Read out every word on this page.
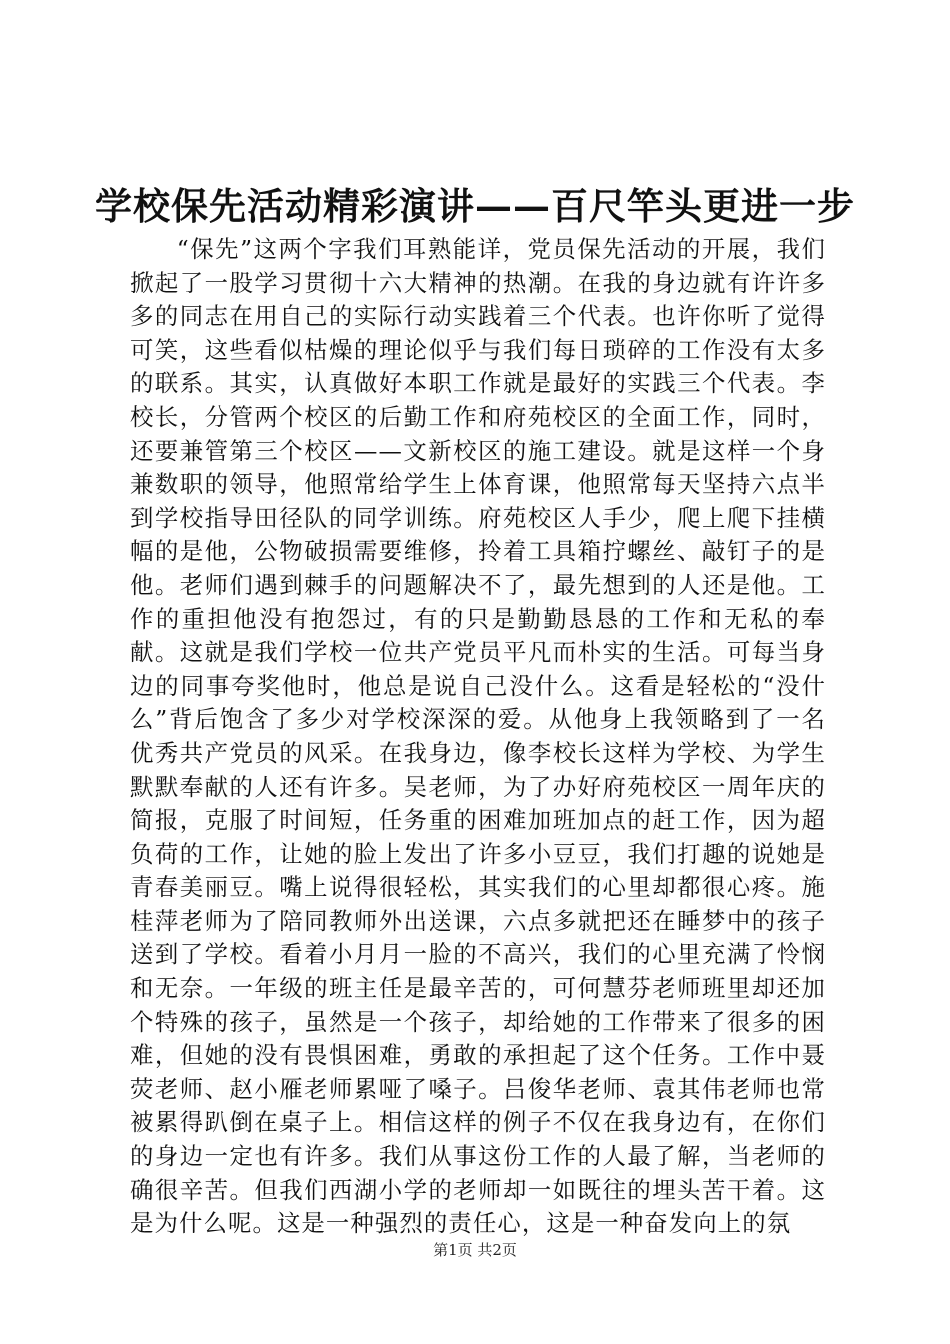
学校保先活动精彩演讲——百尺竿头更进一步

“保先”这两个字我们耳熟能详，党员保先活动的开展，我们掀起了一股学习贯彻十六大精神的热潮。在我的身边就有许许多多的同志在用自己的实际行动实践着三个代表。也许你听了觉得可笑，这些看似枯燥的理论似乎与我们每日琐碎的工作没有太多的联系。其实，认真做好本职工作就是最好的实践三个代表。李校长，分管两个校区的后勤工作和府苑校区的全面工作，同时，还要兼管第三个校区——文新校区的施工建设。就是这样一个身兼数职的领导，他照常给学生上体育课，他照常每天坚持六点半到学校指导田径队的同学训练。府苑校区人手少，爬上爬下挂横幅的是他，公物破损需要维修，拎着工具箱拧螺丝、敲钉子的是他。老师们遇到棘手的问题解决不了，最先想到的人还是他。工作的重担他没有抱怨过，有的只是勤勤恳恳的工作和无私的奉献。这就是我们学校一位共产党员平凡而朴实的生活。可每当身边的同事夸奖他时，他总是说自己没什么。这看是轻松的“没什么”背后饱含了多少对学校深深的爱。从他身上我领略到了一名优秀共产党员的风采。在我身边，像李校长这样为学校、为学生默默奉献的人还有许多。吴老师，为了办好府苑校区一周年庆的简报，克服了时间短，任务重的困难加班加点的赶工作，因为超负荷的工作，让她的脸上发出了许多小豆豆，我们打趣的说她是青春美丽豆。嘴上说得很轻松，其实我们的心里却都很心疼。施桂萍老师为了陪同教师外出送课，六点多就把还在睡梦中的孩子送到了学校。看着小月月一脸的不高兴，我们的心里充满了怜悯和无奈。一年级的班主任是最辛苦的，可何慧芬老师班里却还加个特殊的孩子，虽然是一个孩子，却给她的工作带来了很多的困难，但她的没有畏惧困难，勇敢的承担起了这个任务。工作中聂荧老师、赵小雁老师累哑了嗓子。吕俊华老师、袁其伟老师也常被累得趴倒在桌子上。相信这样的例子不仅在我身边有，在你们的身边一定也有许多。我们从事这份工作的人最了解，当老师的确很辛苦。但我们西湖小学的老师却一如既往的埋头苦干着。这是为什么呢。这是一种强烈的责任心，这是一种奋发向上的氛

第1页 共2页
